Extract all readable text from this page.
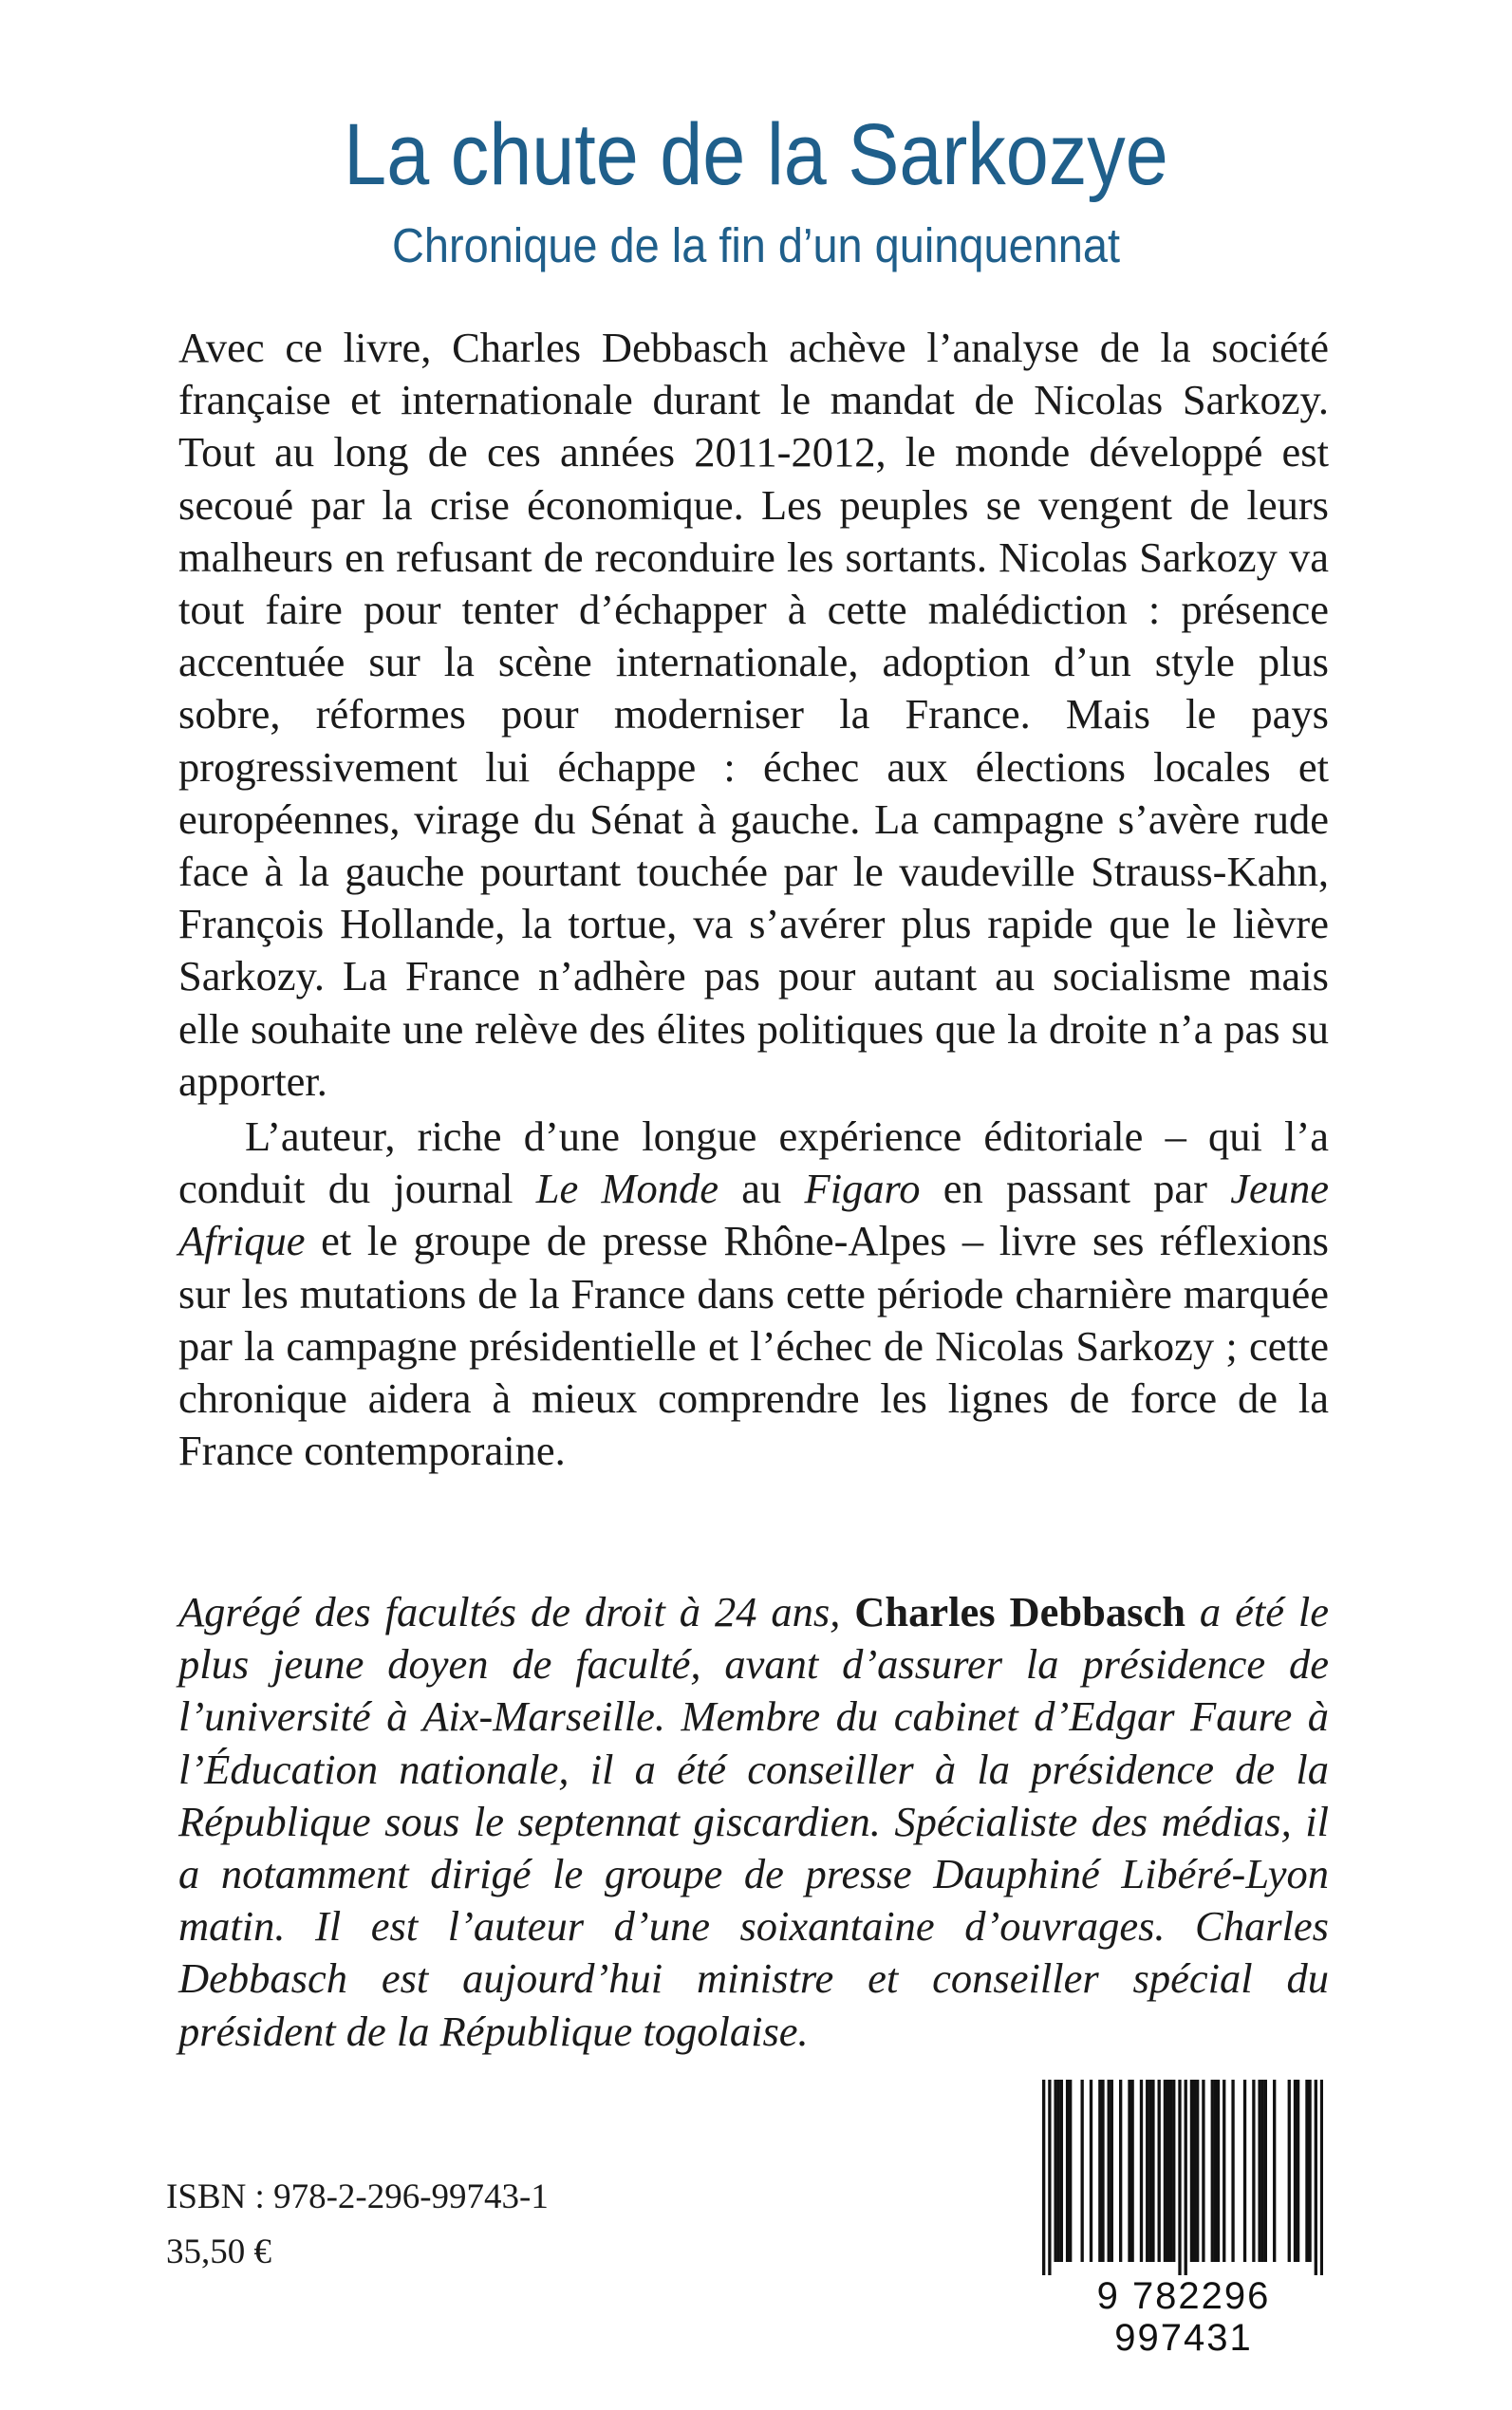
La chute de la Sarkozye
Chronique de la fin d’un quinquennat

Avec ce livre, Charles Debbasch achève l’analyse de la société française et internationale durant le mandat de Nicolas Sarkozy. Tout au long de ces années 2011-2012, le monde développé est secoué par la crise économique. Les peuples se vengent de leurs malheurs en refusant de reconduire les sortants. Nicolas Sarkozy va tout faire pour tenter d’échapper à cette malédiction : présence accentuée sur la scène internationale, adoption d’un style plus sobre, réformes pour moderniser la France. Mais le pays progressivement lui échappe : échec aux élections locales et européennes, virage du Sénat à gauche. La campagne s’avère rude face à la gauche pourtant touchée par le vaudeville Strauss-Kahn, François Hollande, la tortue, va s’avérer plus rapide que le lièvre Sarkozy. La France n’adhère pas pour autant au socialisme mais elle souhaite une relève des élites politiques que la droite n’a pas su apporter.

L’auteur, riche d’une longue expérience éditoriale – qui l’a conduit du journal Le Monde au Figaro en passant par Jeune Afrique et le groupe de presse Rhône-Alpes – livre ses réflexions sur les mutations de la France dans cette période charnière marquée par la campagne présidentielle et l’échec de Nicolas Sarkozy ; cette chronique aidera à mieux comprendre les lignes de force de la France contemporaine.

Agrégé des facultés de droit à 24 ans, Charles Debbasch a été le plus jeune doyen de faculté, avant d’assurer la présidence de l’université à Aix-Marseille. Membre du cabinet d’Edgar Faure à l’Éducation nationale, il a été conseiller à la présidence de la République sous le septennat giscardien. Spécialiste des médias, il a notamment dirigé le groupe de presse Dauphiné Libéré-Lyon matin. Il est l’auteur d’une soixantaine d’ouvrages. Charles Debbasch est aujourd’hui ministre et conseiller spécial du président de la République togolaise.

ISBN : 978-2-296-99743-1

35,50 €

9 782296 997431
